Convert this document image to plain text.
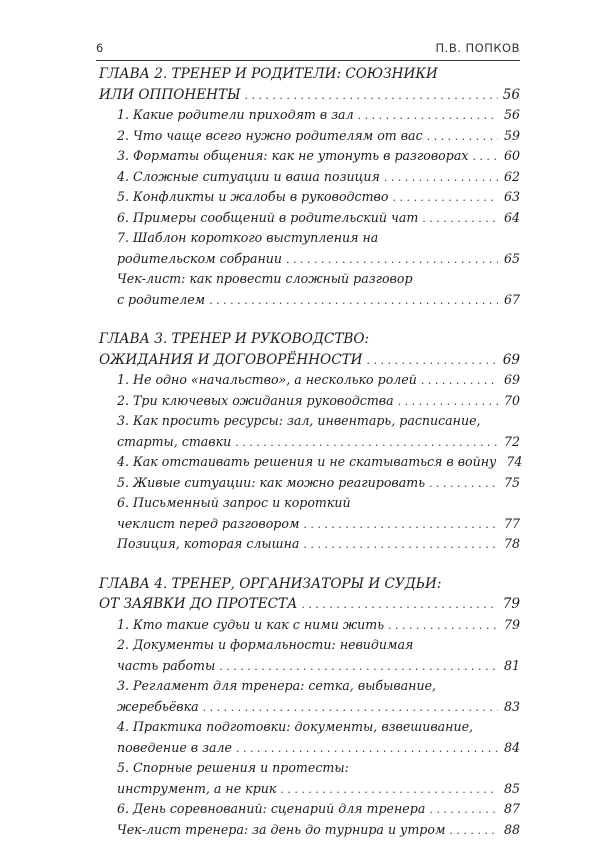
6	П.В. ПОПКОВ
ГЛАВА 2. ТРЕНЕР И РОДИТЕЛИ: СОЮЗНИКИ
ИЛИ ОППОНЕНТЫ . . .	56
1. Какие родители приходят в зал . . .	56
2. Что чаще всего нужно родителям от вас . . .	59
3. Форматы общения: как не утонуть в разговорах . . .	60
4. Сложные ситуации и ваша позиция . . .	62
5. Конфликты и жалобы в руководство . . .	63
6. Примеры сообщений в родительский чат . . .	64
7. Шаблон короткого выступления на
родительском собрании . . .	65
Чек-лист: как провести сложный разговор
с родителем . . .	67
ГЛАВА 3. ТРЕНЕР И РУКОВОДСТВО:
ОЖИДАНИЯ И ДОГОВОРЁННОСТИ . . .	69
1. Не одно «начальство», а несколько ролей . . .	69
2. Три ключевых ожидания руководства . . .	70
3. Как просить ресурсы: зал, инвентарь, расписание,
старты, ставки . . .	72
4. Как отстаивать решения и не скатываться в войну 74
5. Живые ситуации: как можно реагировать . . .	75
6. Письменный запрос и короткий
чеклист перед разговором . . .	77
Позиция, которая слышна . . .	78
ГЛАВА 4. ТРЕНЕР, ОРГАНИЗАТОРЫ И СУДЬИ:
ОТ ЗАЯВКИ ДО ПРОТЕСТА . . .	79
1. Кто такие судьи и как с ними жить . . .	79
2. Документы и формальности: невидимая
часть работы . . .	81
3. Регламент для тренера: сетка, выбывание,
жеребьёвка . . .	83
4. Практика подготовки: документы, взвешивание,
поведение в зале . . .	84
5. Спорные решения и протесты:
инструмент, а не крик . . .	85
6. День соревнований: сценарий для тренера . . .	87
Чек-лист тренера: за день до турнира и утром . . .	88
